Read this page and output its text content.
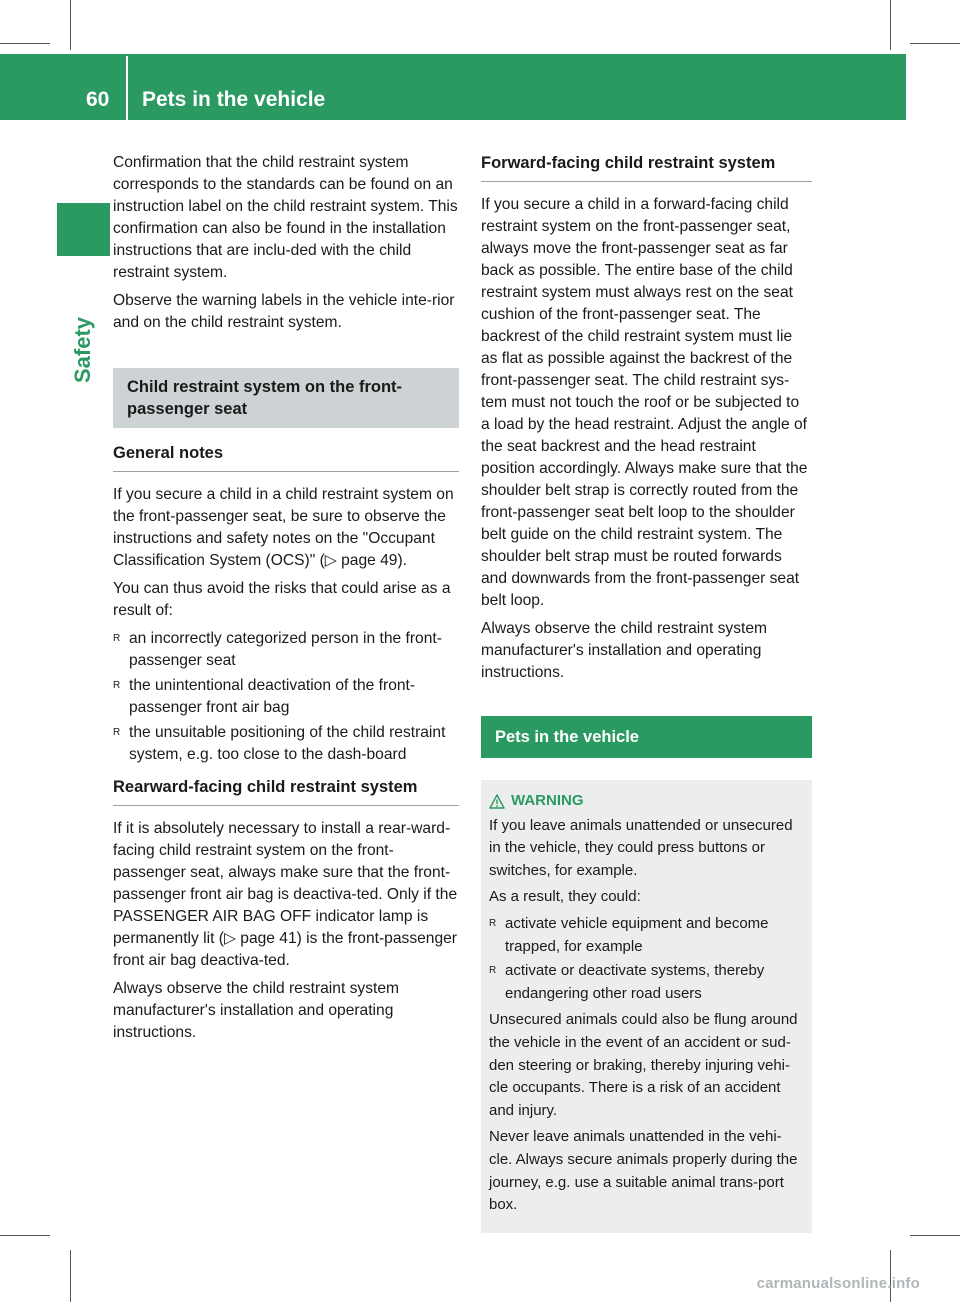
60 Pets in the vehicle
Safety

Confirmation that the child restraint system corresponds to the standards can be found on an instruction label on the child restraint system. This confirmation can also be found in the installation instructions that are inclu-ded with the child restraint system.

Observe the warning labels in the vehicle inte-rior and on the child restraint system.

Child restraint system on the front-passenger seat
General notes

If you secure a child in a child restraint system on the front-passenger seat, be sure to observe the instructions and safety notes on the "Occupant Classification System (OCS)" (▷ page 49).

You can thus avoid the risks that could arise as a result of:

R an incorrectly categorized person in the front-passenger seat
R the unintentional deactivation of the front-passenger front air bag
R the unsuitable positioning of the child restraint system, e.g. too close to the dash-board
Rearward-facing child restraint system

If it is absolutely necessary to install a rear-ward-facing child restraint system on the front-passenger seat, always make sure that the front-passenger front air bag is deactiva-ted. Only if the PASSENGER AIR BAG OFF indicator lamp is permanently lit (▷ page 41) is the front-passenger front air bag deactiva-ted.

Always observe the child restraint system manufacturer's installation and operating instructions.

Forward-facing child restraint system

If you secure a child in a forward-facing child restraint system on the front-passenger seat, always move the front-passenger seat as far back as possible. The entire base of the child restraint system must always rest on the seat cushion of the front-passenger seat. The backrest of the child restraint system must lie as flat as possible against the backrest of the front-passenger seat. The child restraint sys-tem must not touch the roof or be subjected to a load by the head restraint. Adjust the angle of the seat backrest and the head restraint position accordingly. Always make sure that the shoulder belt strap is correctly routed from the front-passenger seat belt loop to the shoulder belt guide on the child restraint system. The shoulder belt strap must be routed forwards and downwards from the front-passenger seat belt loop.

Always observe the child restraint system manufacturer's installation and operating instructions.

Pets in the vehicle
WARNING

If you leave animals unattended or unsecured in the vehicle, they could press buttons or switches, for example.

As a result, they could:

R activate vehicle equipment and become trapped, for example
R activate or deactivate systems, thereby endangering other road users

Unsecured animals could also be flung around the vehicle in the event of an accident or sud-den steering or braking, thereby injuring vehi-cle occupants. There is a risk of an accident and injury.

Never leave animals unattended in the vehi-cle. Always secure animals properly during the journey, e.g. use a suitable animal trans-port box.

carmanualsonline.info
